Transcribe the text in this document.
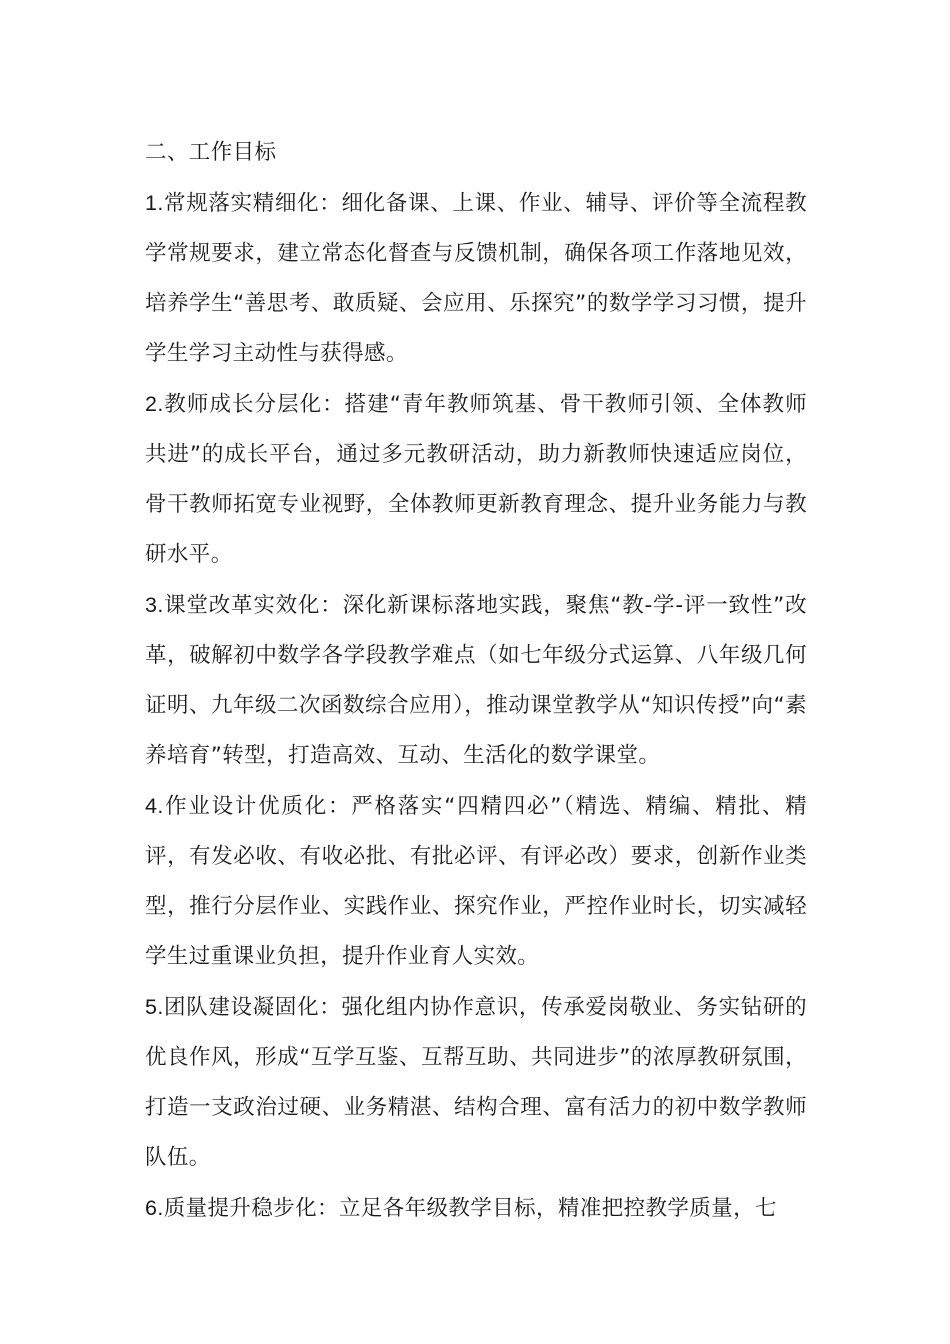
二、工作目标

1.常规落实精细化：细化备课、上课、作业、辅导、评价等全流程教学常规要求，建立常态化督查与反馈机制，确保各项工作落地见效，培养学生“善思考、敢质疑、会应用、乐探究”的数学学习习惯，提升学生学习主动性与获得感。

2.教师成长分层化：搭建“青年教师筑基、骨干教师引领、全体教师共进”的成长平台，通过多元教研活动，助力新教师快速适应岗位，骨干教师拓宽专业视野，全体教师更新教育理念、提升业务能力与教研水平。

3.课堂改革实效化：深化新课标落地实践，聚焦“教-学-评一致性”改革，破解初中数学各学段教学难点（如七年级分式运算、八年级几何证明、九年级二次函数综合应用），推动课堂教学从“知识传授”向“素养培育”转型，打造高效、互动、生活化的数学课堂。

4.作业设计优质化：严格落实“四精四必”（精选、精编、精批、精评，有发必收、有收必批、有批必评、有评必改）要求，创新作业类型，推行分层作业、实践作业、探究作业，严控作业时长，切实减轻学生过重课业负担，提升作业育人实效。

5.团队建设凝固化：强化组内协作意识，传承爱岗敬业、务实钻研的优良作风，形成“互学互鉴、互帮互助、共同进步”的浓厚教研氛围，打造一支政治过硬、业务精湛、结构合理、富有活力的初中数学教师队伍。

6.质量提升稳步化：立足各年级教学目标，精准把控教学质量，七
